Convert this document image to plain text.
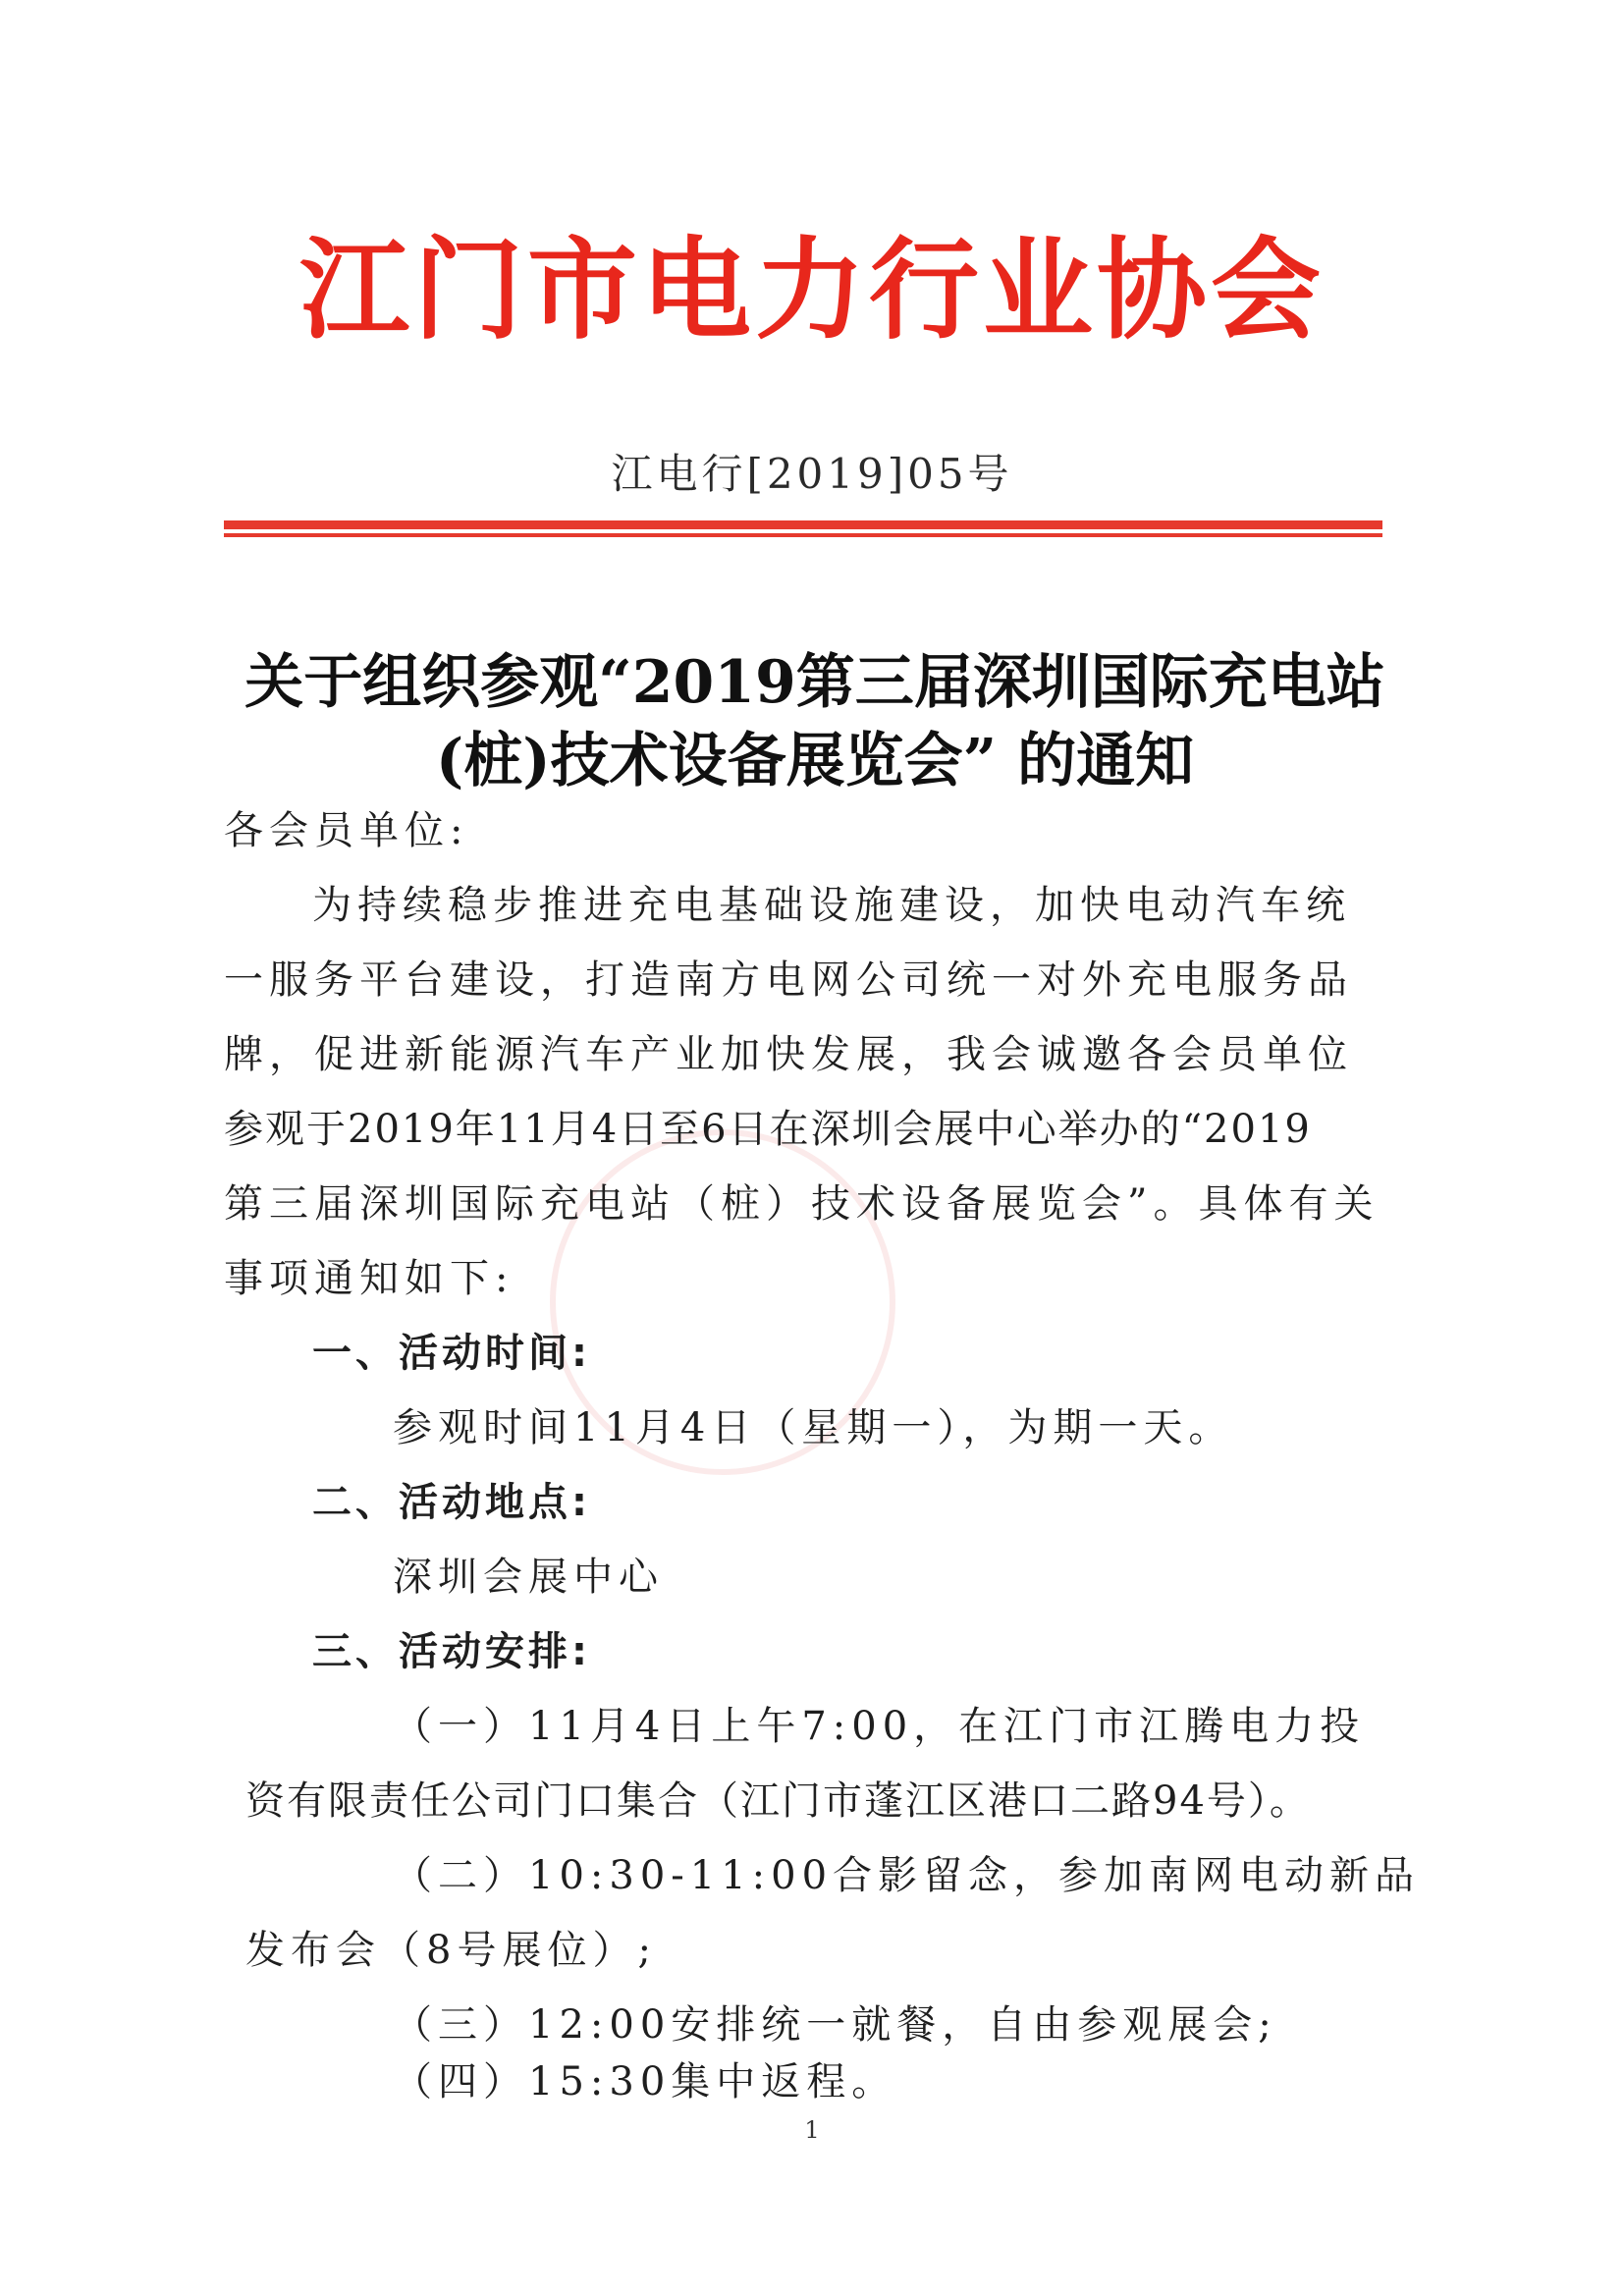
江门市电力行业协会
江电行[2019]05号
关于组织参观“2019第三届深圳国际充电站
(桩)技术设备展览会” 的通知
各会员单位:
为持续稳步推进充电基础设施建设，加快电动汽车统
一服务平台建设，打造南方电网公司统一对外充电服务品
牌，促进新能源汽车产业加快发展，我会诚邀各会员单位
参观于2019年11月4日至6日在深圳会展中心举办的“2019
第三届深圳国际充电站（桩）技术设备展览会”。具体有关
事项通知如下:
一、活动时间:
参观时间11月4日（星期一），为期一天。
二、活动地点:
深圳会展中心
三、活动安排:
（一）11月4日上午7:00，在江门市江腾电力投
资有限责任公司门口集合（江门市蓬江区港口二路94号）。
（二）10:30-11:00合影留念，参加南网电动新品
发布会（8号展位）;
（三）12:00安排统一就餐，自由参观展会;
（四）15:30集中返程。
1
